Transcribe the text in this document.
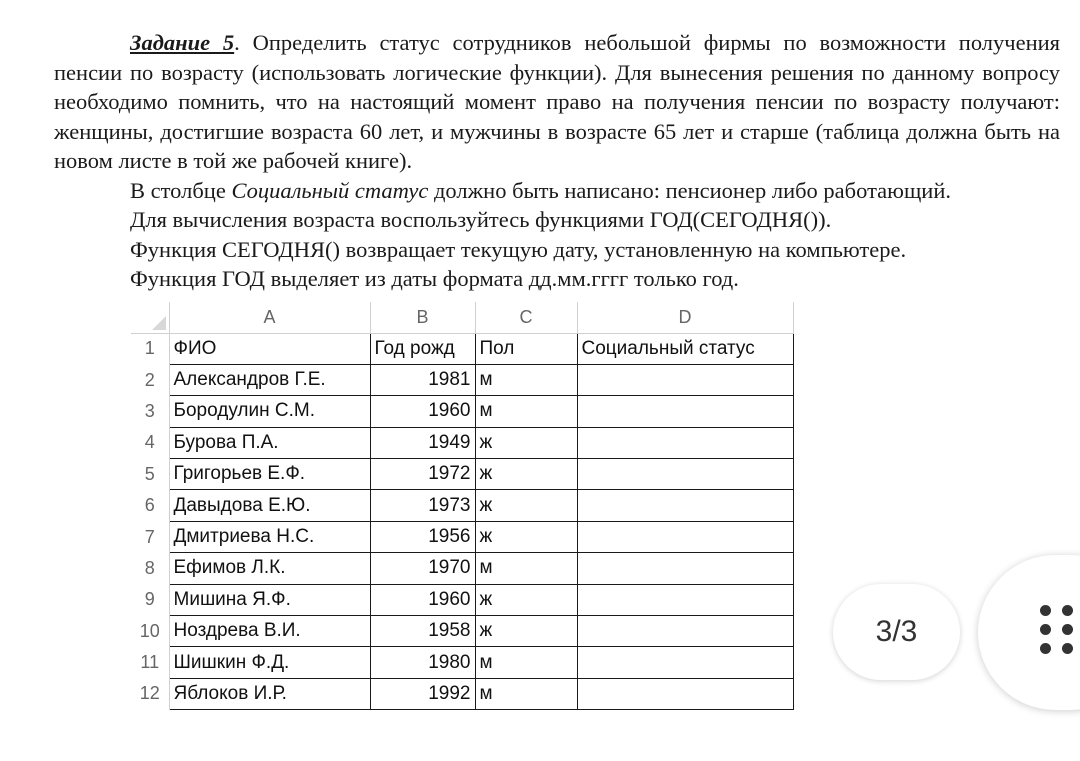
Задание 5. Определить статус сотрудников небольшой фирмы по возможности получения пенсии по возрасту (использовать логические функции). Для вынесения решения по данному вопросу необходимо помнить, что на настоящий момент право на получения пенсии по возрасту получают: женщины, достигшие возраста 60 лет, и мужчины в возрасте 65 лет и старше (таблица должна быть на новом листе в той же рабочей книге).

В столбце Социальный статус должно быть написано: пенсионер либо работающий.

Для вычисления возраста воспользуйтесь функциями ГОД(СЕГОДНЯ()).

Функция СЕГОДНЯ() возвращает текущую дату, установленную на компьютере.

Функция ГОД выделяет из даты формата дд.мм.гггг только год.

	A	B	C	D
1	ФИО	Год рожд	Пол	Социальный статус
2	Александров Г.Е.	1981	м	
3	Бородулин С.М.	1960	м	
4	Бурова П.А.	1949	ж	
5	Григорьев Е.Ф.	1972	ж	
6	Давыдова Е.Ю.	1973	ж	
7	Дмитриева Н.С.	1956	ж	
8	Ефимов Л.К.	1970	м	
9	Мишина Я.Ф.	1960	ж	
10	Ноздрева В.И.	1958	ж	
11	Шишкин Ф.Д.	1980	м	
12	Яблоков И.Р.	1992	м	
3/3
